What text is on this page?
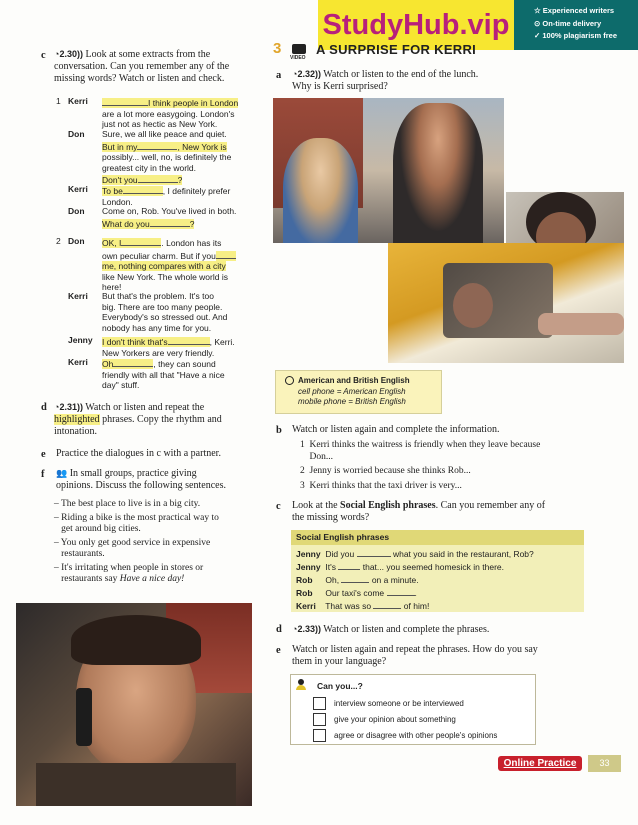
StudyHub.vip	☆ Experienced writers
⊙ On-time delivery
✓ 100% plagiarism free
c ◔2.30)) Look at some extracts from the
conversation. Can you remember any of the
missing words? Watch or listen and check.
1 Kerri	I think people in London
are a lot more easygoing. London's
just not as hectic as New York.
Don Sure, we all like peace and quiet.
But in my	, New York is
possibly... well, no, is definitely the
greatest city in the world.
Don't you	?
Kerri To be	, I definitely prefer
London.
Don Come on, Rob. You've lived in both.
What do you	?
2 Don OK, I	. London has its
own peculiar charm. But if you
me, nothing compares with a city
like New York. The whole world is
here!
Kerri But that's the problem. It's too
big. There are too many people.
Everybody's so stressed out. And
nobody has any time for you.
Jenny I don't think that's	, Kerri.
New Yorkers are very friendly.
Kerri Oh	, they can sound
friendly with all that "Have a nice
day" stuff.
d ◔2.31)) Watch or listen and repeat the
highlighted phrases. Copy the rhythm and
intonation.
e Practice the dialogues in c with a partner.
f 👥 In small groups, practice giving
opinions. Discuss the following sentences.
– The best place to live is in a big city.
– Riding a bike is the most practical way to
get around big cities.
– You only get good service in expensive
restaurants.
– It's irritating when people in stores or
restaurants say Have a nice day!
3
VIDEO
A SURPRISE FOR KERRI
a ◔2.32)) Watch or listen to the end of the lunch.
Why is Kerri surprised?
American and British English
cell phone = American English
mobile phone = British English
b Watch or listen again and complete the information.
1 Kerri thinks the waitress is friendly when they leave because
Don...
2 Jenny is worried because she thinks Rob...
3 Kerri thinks that the taxi driver is very...
c Look at the Social English phrases. Can you remember any of
the missing words?
Social English phrases
Jenny Did you	what you said in the restaurant, Rob?
Jenny It's	that... you seemed homesick in there.
Rob Oh,	on a minute.
Rob Our taxi's come	.
Kerri That was so	of him!
d ◔2.33)) Watch or listen and complete the phrases.
e Watch or listen again and repeat the phrases. How do you say
them in your language?
Can you...?
interview someone or be interviewed
give your opinion about something
agree or disagree with other people's opinions
Online Practice	33
